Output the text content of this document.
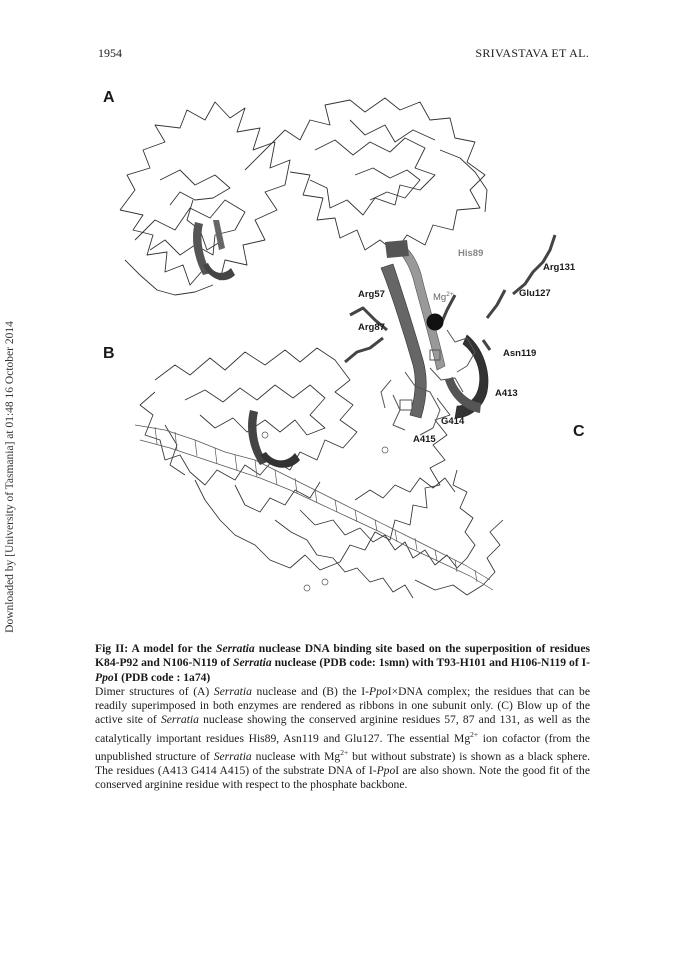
1954	SRIVASTAVA ET AL.
Downloaded by [University of Tasmania] at 01:48 16 October 2014
A
B
C
His89
Arg131
Glu127
Arg57	$Mg^{2+}$
Arg87
Asn119
A413
G414
A415

Fig II: A model for the Serratia nuclease DNA binding site based on the superposition of residues K84-P92 and N106-N119 of Serratia nuclease (PDB code: 1smn) with T93-H101 and H106-N119 of I-PpoI (PDB code : 1a74)

Dimer structures of (A) Serratia nuclease and (B) the I-PpoI×DNA complex; the residues that can be readily superimposed in both enzymes are rendered as ribbons in one subunit only. (C) Blow up of the active site of Serratia nuclease showing the conserved arginine residues 57, 87 and 131, as well as the catalytically important residues His89, Asn119 and Glu127. The essential $Mg^{2+}$ ion cofactor (from the unpublished structure of Serratia nuclease with $Mg^{2+}$ but without substrate) is shown as a black sphere. The residues (A413 G414 A415) of the substrate DNA of I-PpoI are also shown. Note the good fit of the conserved arginine residue with respect to the phosphate backbone.
